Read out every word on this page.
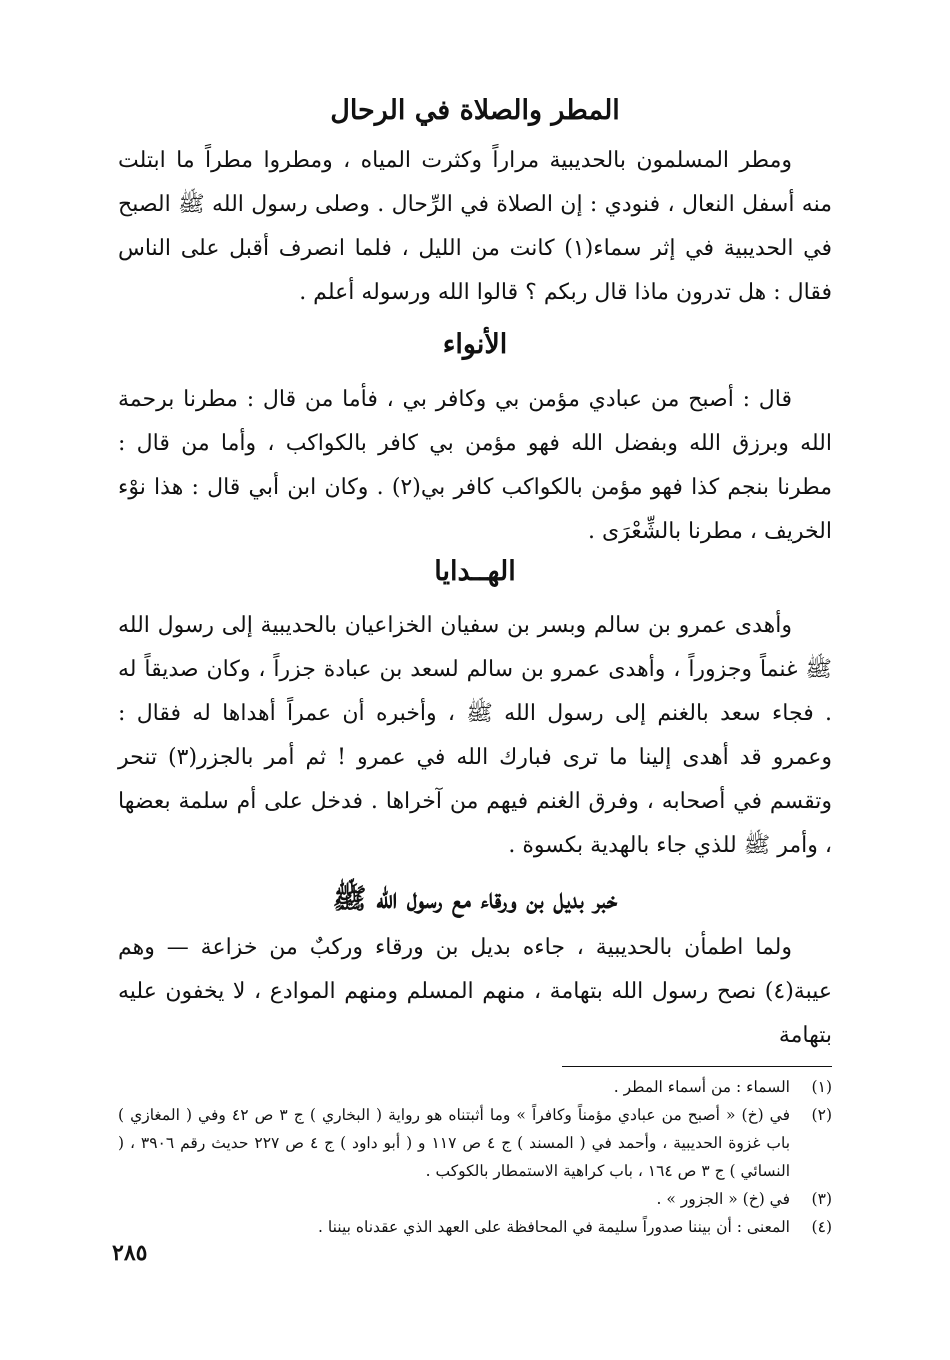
المطر والصلاة في الرحال

ومطر المسلمون بالحديبية مراراً وكثرت المياه ، ومطروا مطراً ما ابتلت منه أسفل النعال ، فنودي : إن الصلاة في الرِّحال . وصلى رسول الله ﷺ الصبح في الحديبية في إثر سماء(١) كانت من الليل ، فلما انصرف أقبل على الناس فقال : هل تدرون ماذا قال ربكم ؟ قالوا الله ورسوله أعلم .

الأنواء

قال : أصبح من عبادي مؤمن بي وكافر بي ، فأما من قال : مطرنا برحمة الله وبرزق الله وبفضل الله فهو مؤمن بي كافر بالكواكب ، وأما من قال : مطرنا بنجم كذا فهو مؤمن بالكواكب كافر بي(٢) . وكان ابن أبي قال : هذا نوْء الخريف ، مطرنا بالشِّعْرَى .

الهــدايا

وأهدى عمرو بن سالم وبسر بن سفيان الخزاعيان بالحديبية إلى رسول الله ﷺ غنماً وجزوراً ، وأهدى عمرو بن سالم لسعد بن عبادة جزراً ، وكان صديقاً له . فجاء سعد بالغنم إلى رسول الله ﷺ ، وأخبره أن عمراً أهداها له فقال : وعمرو قد أهدى إلينا ما ترى فبارك الله في عمرو ! ثم أمر بالجزر(٣) تنحر وتقسم في أصحابه ، وفرق الغنم فيهم من آخراها . فدخل على أم سلمة بعضها ، وأمر ﷺ للذي جاء بالهدية بكسوة .

خبر بديل بن ورقاء مع رسول الله ﷺ

ولما اطمأن بالحديبية ، جاءه بديل بن ورقاء وركبٌ من خزاعة — وهم عيبة(٤) نصح رسول الله بتهامة ، منهم المسلم ومنهم الموادع ، لا يخفون عليه بتهامة

(١)
السماء : من أسماء المطر .
(٢)
في (خ) « أصبح من عبادي مؤمناً وكافراً » وما أثبتناه هو رواية ( البخاري ) ج ٣ ص ٤٢ وفي ( المغازي ) باب غزوة الحديبية ، وأحمد في ( المسند ) ج ٤ ص ١١٧ و ( أبو داود ) ج ٤ ص ٢٢٧ حديث رقم ٣٩٠٦ ، ( النسائي ) ج ٣ ص ١٦٤ ، باب كراهية الاستمطار بالكوكب .
(٣)
في (خ) « الجزور » .
(٤)
المعنى : أن بيننا صدوراً سليمة في المحافظة على العهد الذي عقدناه بيننا .
٢٨٥
